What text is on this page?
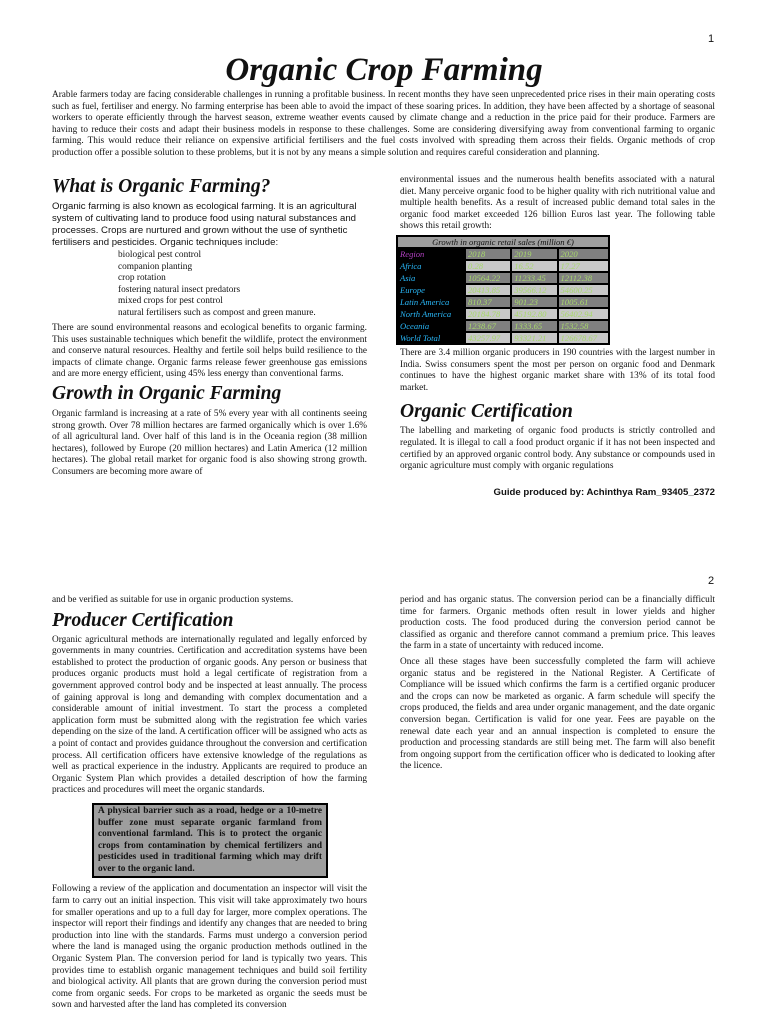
1
Organic Crop Farming

Arable farmers today are facing considerable challenges in running a profitable business. In recent months they have seen unprecedented price rises in their main operating costs such as fuel, fertiliser and energy. No farming enterprise has been able to avoid the impact of these soaring prices. In addition, they have been affected by a shortage of seasonal workers to operate efficiently through the harvest season, extreme weather events caused by climate change and a reduction in the price paid for their produce. Farmers are having to reduce their costs and adapt their business models in response to these challenges. Some are considering diversifying away from conventional farming to organic farming. This would reduce their reliance on expensive artificial fertilisers and the fuel costs involved with spreading them across their fields. Organic methods of crop production offer a possible solution to these problems, but it is not by any means a simple solution and requires careful consideration and planning.

What is Organic Farming?

Organic farming is also known as ecological farming. It is an agricultural system of cultivating land to produce food using natural substances and processes. Crops are nurtured and grown without the use of synthetic fertilisers and pesticides. Organic techniques include:

biological pest control
companion planting
crop rotation
fostering natural insect predators
mixed crops for pest control
natural fertilisers such as compost and green manure.

There are sound environmental reasons and ecological benefits to organic farming. This uses sustainable techniques which benefit the wildlife, protect the environment and conserve natural resources. Healthy and fertile soil helps build resilience to the impacts of climate change. Organic farms release fewer greenhouse gas emissions and are more energy efficient, using 45% less energy than conventional farms.

Growth in Organic Farming

Organic farmland is increasing at a rate of 5% every year with all continents seeing strong growth. Over 78 million hectares are farmed organically which is over 1.6% of all agricultural land. Over half of this land is in the Oceania region (38 million hectares), followed by Europe (20 million hectares) and Latin America (12 million hectares). The global retail market for organic food is also showing strong growth. Consumers are becoming more aware of

environmental issues and the numerous health benefits associated with a natural diet. Many perceive organic food to be higher quality with rich nutritional value and multiple health benefits. As a result of increased public demand total sales in the organic food market exceeded 126 billion Euros last year. The following table shows this retail growth:

Growth in organic retail sales (million €)			
Region	2018	2019	2020
Africa	0.28	16.52	17.27
Asia	10564.22	11233.45	12112.38
Europe	20413.85	39566.12	54600.25
Latin America	810.37	901.23	1005.61
North America	20184.78	45192.80	56402.94
Oceania	1238.67	1333.65	1532.58
World Total	43257.97	93321.21	126678.67

There are 3.4 million organic producers in 190 countries with the largest number in India. Swiss consumers spent the most per person on organic food and Denmark continues to have the highest organic market share with 13% of its total food market.

Organic Certification

The labelling and marketing of organic food products is strictly controlled and regulated. It is illegal to call a food product organic if it has not been inspected and certified by an approved organic control body. Any substance or compounds used in organic agriculture must comply with organic regulations

Guide produced by: Achinthya Ram_93405_2372
2

and be verified as suitable for use in organic production systems.

Producer Certification

Organic agricultural methods are internationally regulated and legally enforced by governments in many countries. Certification and accreditation systems have been established to protect the production of organic goods. Any person or business that produces organic products must hold a legal certificate of registration from a government approved control body and be inspected at least annually. The process of gaining approval is long and demanding with complex documentation and a considerable amount of initial investment. To start the process a completed application form must be submitted along with the registration fee which varies depending on the size of the land. A certification officer will be assigned who acts as a point of contact and provides guidance throughout the conversion and certification process. All certification officers have extensive knowledge of the regulations as well as practical experience in the industry. Applicants are required to produce an Organic System Plan which provides a detailed description of how the farming practices and procedures will meet the organic standards.

A physical barrier such as a road, hedge or a 10-metre buffer zone must separate organic farmland from conventional farmland. This is to protect the organic crops from contamination by chemical fertilizers and pesticides used in traditional farming which may drift over to the organic land.

Following a review of the application and documentation an inspector will visit the farm to carry out an initial inspection. This visit will take approximately two hours for smaller operations and up to a full day for larger, more complex operations. The inspector will report their findings and identify any changes that are needed to bring production into line with the standards. Farms must undergo a conversion period where the land is managed using the organic production methods outlined in the Organic System Plan. The conversion period for land is typically two years. This provides time to establish organic management techniques and build soil fertility and biological activity. All plants that are grown during the conversion period must come from organic seeds. For crops to be marketed as organic the seeds must be sown and harvested after the land has completed its conversion

period and has organic status. The conversion period can be a financially difficult time for farmers. Organic methods often result in lower yields and higher production costs. The food produced during the conversion period cannot be classified as organic and therefore cannot command a premium price. This leaves the farm in a state of uncertainty with reduced income.

Once all these stages have been successfully completed the farm will achieve organic status and be registered in the National Register. A Certificate of Compliance will be issued which confirms the farm is a certified organic producer and the crops can now be marketed as organic. A farm schedule will specify the crops produced, the fields and area under organic management, and the date organic conversion began. Certification is valid for one year. Fees are payable on the renewal date each year and an annual inspection is completed to ensure the production and processing standards are still being met. The farm will also benefit from ongoing support from the certification officer who is dedicated to looking after the licence.
